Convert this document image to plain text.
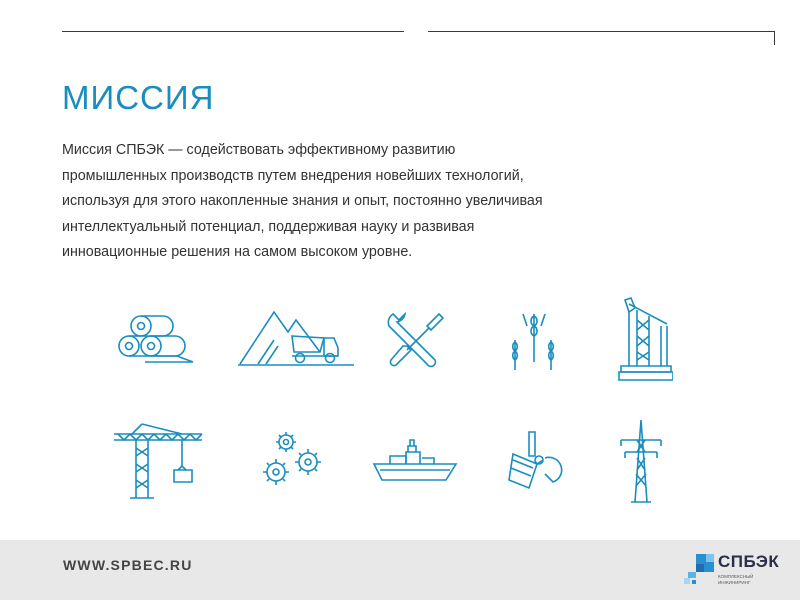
МИССИЯ
Миссия СПБЭК — содействовать эффективному развитию
промышленных производств путем внедрения новейших технологий,
используя для этого накопленные знания и опыт, постоянно увеличивая
интеллектуальный потенциал, поддерживая науку и развивая
инновационные решения на самом высоком уровне.
WWW.SPBEC.RU	СПБЭК
КОМПЛЕКСНЫЙ ИНЖИНИРИНГ
